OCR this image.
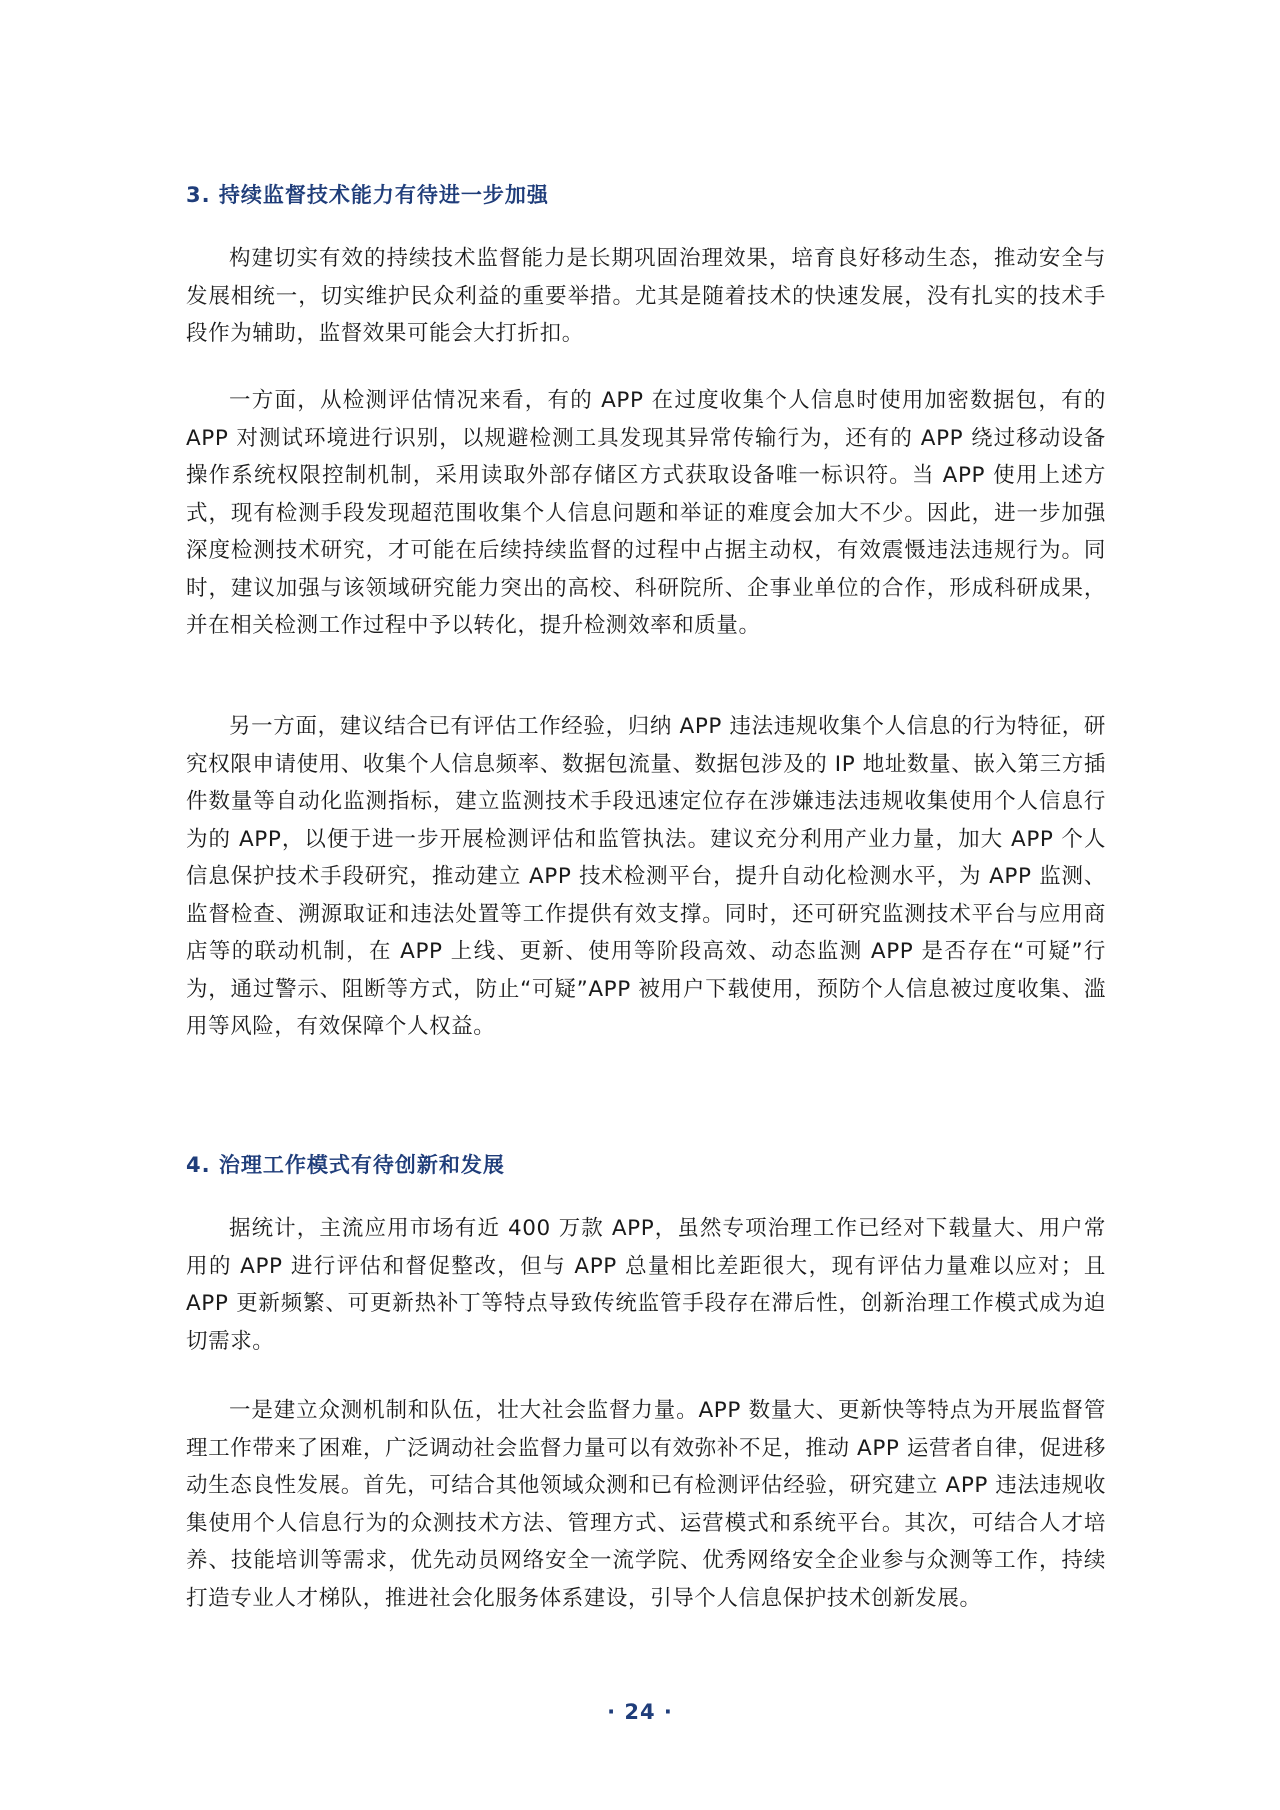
3. 持续监督技术能力有待进一步加强

构建切实有效的持续技术监督能力是长期巩固治理效果，培育良好移动生态，推动安全与发展相统一，切实维护民众利益的重要举措。尤其是随着技术的快速发展，没有扎实的技术手段作为辅助，监督效果可能会大打折扣。

一方面，从检测评估情况来看，有的 APP 在过度收集个人信息时使用加密数据包，有的 APP 对测试环境进行识别，以规避检测工具发现其异常传输行为，还有的 APP 绕过移动设备操作系统权限控制机制，采用读取外部存储区方式获取设备唯一标识符。当 APP 使用上述方式，现有检测手段发现超范围收集个人信息问题和举证的难度会加大不少。因此，进一步加强深度检测技术研究，才可能在后续持续监督的过程中占据主动权，有效震慑违法违规行为。同时，建议加强与该领域研究能力突出的高校、科研院所、企事业单位的合作，形成科研成果，并在相关检测工作过程中予以转化，提升检测效率和质量。

另一方面，建议结合已有评估工作经验，归纳 APP 违法违规收集个人信息的行为特征，研究权限申请使用、收集个人信息频率、数据包流量、数据包涉及的 IP 地址数量、嵌入第三方插件数量等自动化监测指标，建立监测技术手段迅速定位存在涉嫌违法违规收集使用个人信息行为的 APP，以便于进一步开展检测评估和监管执法。建议充分利用产业力量，加大 APP 个人信息保护技术手段研究，推动建立 APP 技术检测平台，提升自动化检测水平，为 APP 监测、监督检查、溯源取证和违法处置等工作提供有效支撑。同时，还可研究监测技术平台与应用商店等的联动机制，在 APP 上线、更新、使用等阶段高效、动态监测 APP 是否存在“可疑”行为，通过警示、阻断等方式，防止“可疑”APP 被用户下载使用，预防个人信息被过度收集、滥用等风险，有效保障个人权益。

4. 治理工作模式有待创新和发展

据统计，主流应用市场有近 400 万款 APP，虽然专项治理工作已经对下载量大、用户常用的 APP 进行评估和督促整改，但与 APP 总量相比差距很大，现有评估力量难以应对；且 APP 更新频繁、可更新热补丁等特点导致传统监管手段存在滞后性，创新治理工作模式成为迫切需求。

一是建立众测机制和队伍，壮大社会监督力量。APP 数量大、更新快等特点为开展监督管理工作带来了困难，广泛调动社会监督力量可以有效弥补不足，推动 APP 运营者自律，促进移动生态良性发展。首先，可结合其他领域众测和已有检测评估经验，研究建立 APP 违法违规收集使用个人信息行为的众测技术方法、管理方式、运营模式和系统平台。其次，可结合人才培养、技能培训等需求，优先动员网络安全一流学院、优秀网络安全企业参与众测等工作，持续打造专业人才梯队，推进社会化服务体系建设，引导个人信息保护技术创新发展。

· 24 ·
